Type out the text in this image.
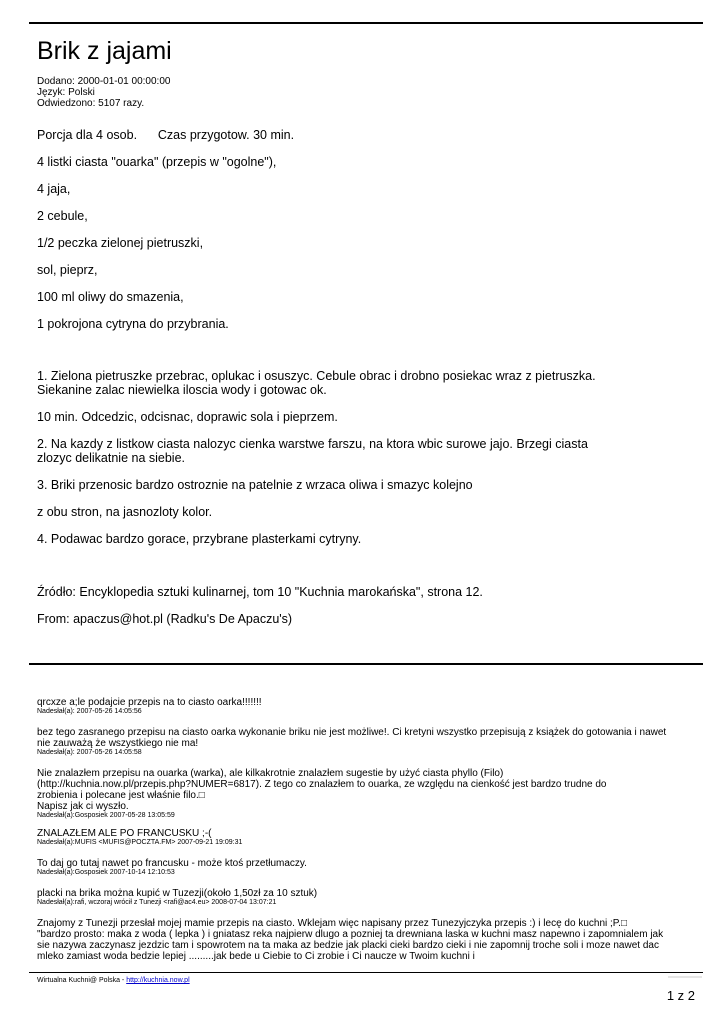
Brik z jajami
Dodano: 2000-01-01 00:00:00
Język: Polski
Odwiedzono: 5107 razy.

Porcja dla 4 osob.      Czas przygotow. 30 min.

4 listki ciasta "ouarka" (przepis w "ogolne"),

4 jaja,

2 cebule,

1/2 peczka zielonej pietruszki,

sol, pieprz,

100 ml oliwy do smazenia,

1 pokrojona cytryna do przybrania.

1. Zielona pietruszke przebrac, oplukac i osuszyc. Cebule obrac i drobno posiekac wraz z pietruszka. Siekanine zalac niewielka iloscia wody i gotowac ok.

10 min. Odcedzic, odcisnac, doprawic sola i pieprzem.

2. Na kazdy z listkow ciasta nalozyc cienka warstwe farszu, na ktora wbic surowe jajo. Brzegi ciasta zlozyc delikatnie na siebie.

3. Briki przenosic bardzo ostroznie na patelnie z wrzaca oliwa i smazyc kolejno

z obu stron, na jasnozloty kolor.

4. Podawac bardzo gorace, przybrane plasterkami cytryny.

Źródło: Encyklopedia sztuki kulinarnej, tom 10 "Kuchnia marokańska", strona 12.

From: apaczus@hot.pl (Radku's De Apaczu's)

qrcxze a;le podajcie przepis na to ciasto oarka!!!!!!!
Nadesłał(a): 2007-05-26 14:05:56
bez tego zasranego przepisu na ciasto oarka wykonanie briku nie jest możliwe!. Ci kretyni wszystko przepisują z książek do gotowania i nawet nie zauważą że wszystkiego nie ma!
Nadesłał(a): 2007-05-26 14:05:58
Nie znalazłem przepisu na ouarka (warka), ale kilkakrotnie znalazłem sugestie by użyć ciasta phyllo (Filo) (http://kuchnia.now.pl/przepis.php?NUMER=6817). Z tego co znalazłem to ouarka, ze względu na cienkość jest bardzo trudne do zrobienia i polecane jest właśnie filo.□
Napisz jak ci wyszło.
Nadesłał(a):Gosposiek 2007-05-28 13:05:59
ZNALAZŁEM ALE PO FRANCUSKU ;-(
Nadesłał(a):MUFIS <MUFIS@POCZTA.FM> 2007-09-21 19:09:31
To daj go tutaj nawet po francusku - może ktoś przetłumaczy.
Nadesłał(a):Gosposiek 2007-10-14 12:10:53
placki na brika można kupić w Tuzezji(około 1,50zł za 10 sztuk)
Nadesłał(a):rafi, wczoraj wrócił z Tunezji <rafi@ac4.eu> 2008-07-04 13:07:21
Znajomy z Tunezji przesłał mojej mamie przepis na ciasto. Wklejam więc napisany przez Tunezyjczyka przepis :) i lecę do kuchni ;P.□
"bardzo prosto: maka z woda ( lepka ) i gniatasz reka najpierw dlugo a pozniej ta drewniana laska w kuchni masz napewno i zapomnialem jak sie nazywa zaczynasz jezdzic tam i spowrotem na ta maka az bedzie jak placki cieki bardzo cieki i nie zapomnij troche soli i moze nawet dac mleko zamiast woda bedzie lepiej .........jak bede u Ciebie to Ci zrobie i Ci naucze w Twoim kuchni i
Wirtualna Kuchni@ Polska - http://kuchnia.now.pl
1 z 2
